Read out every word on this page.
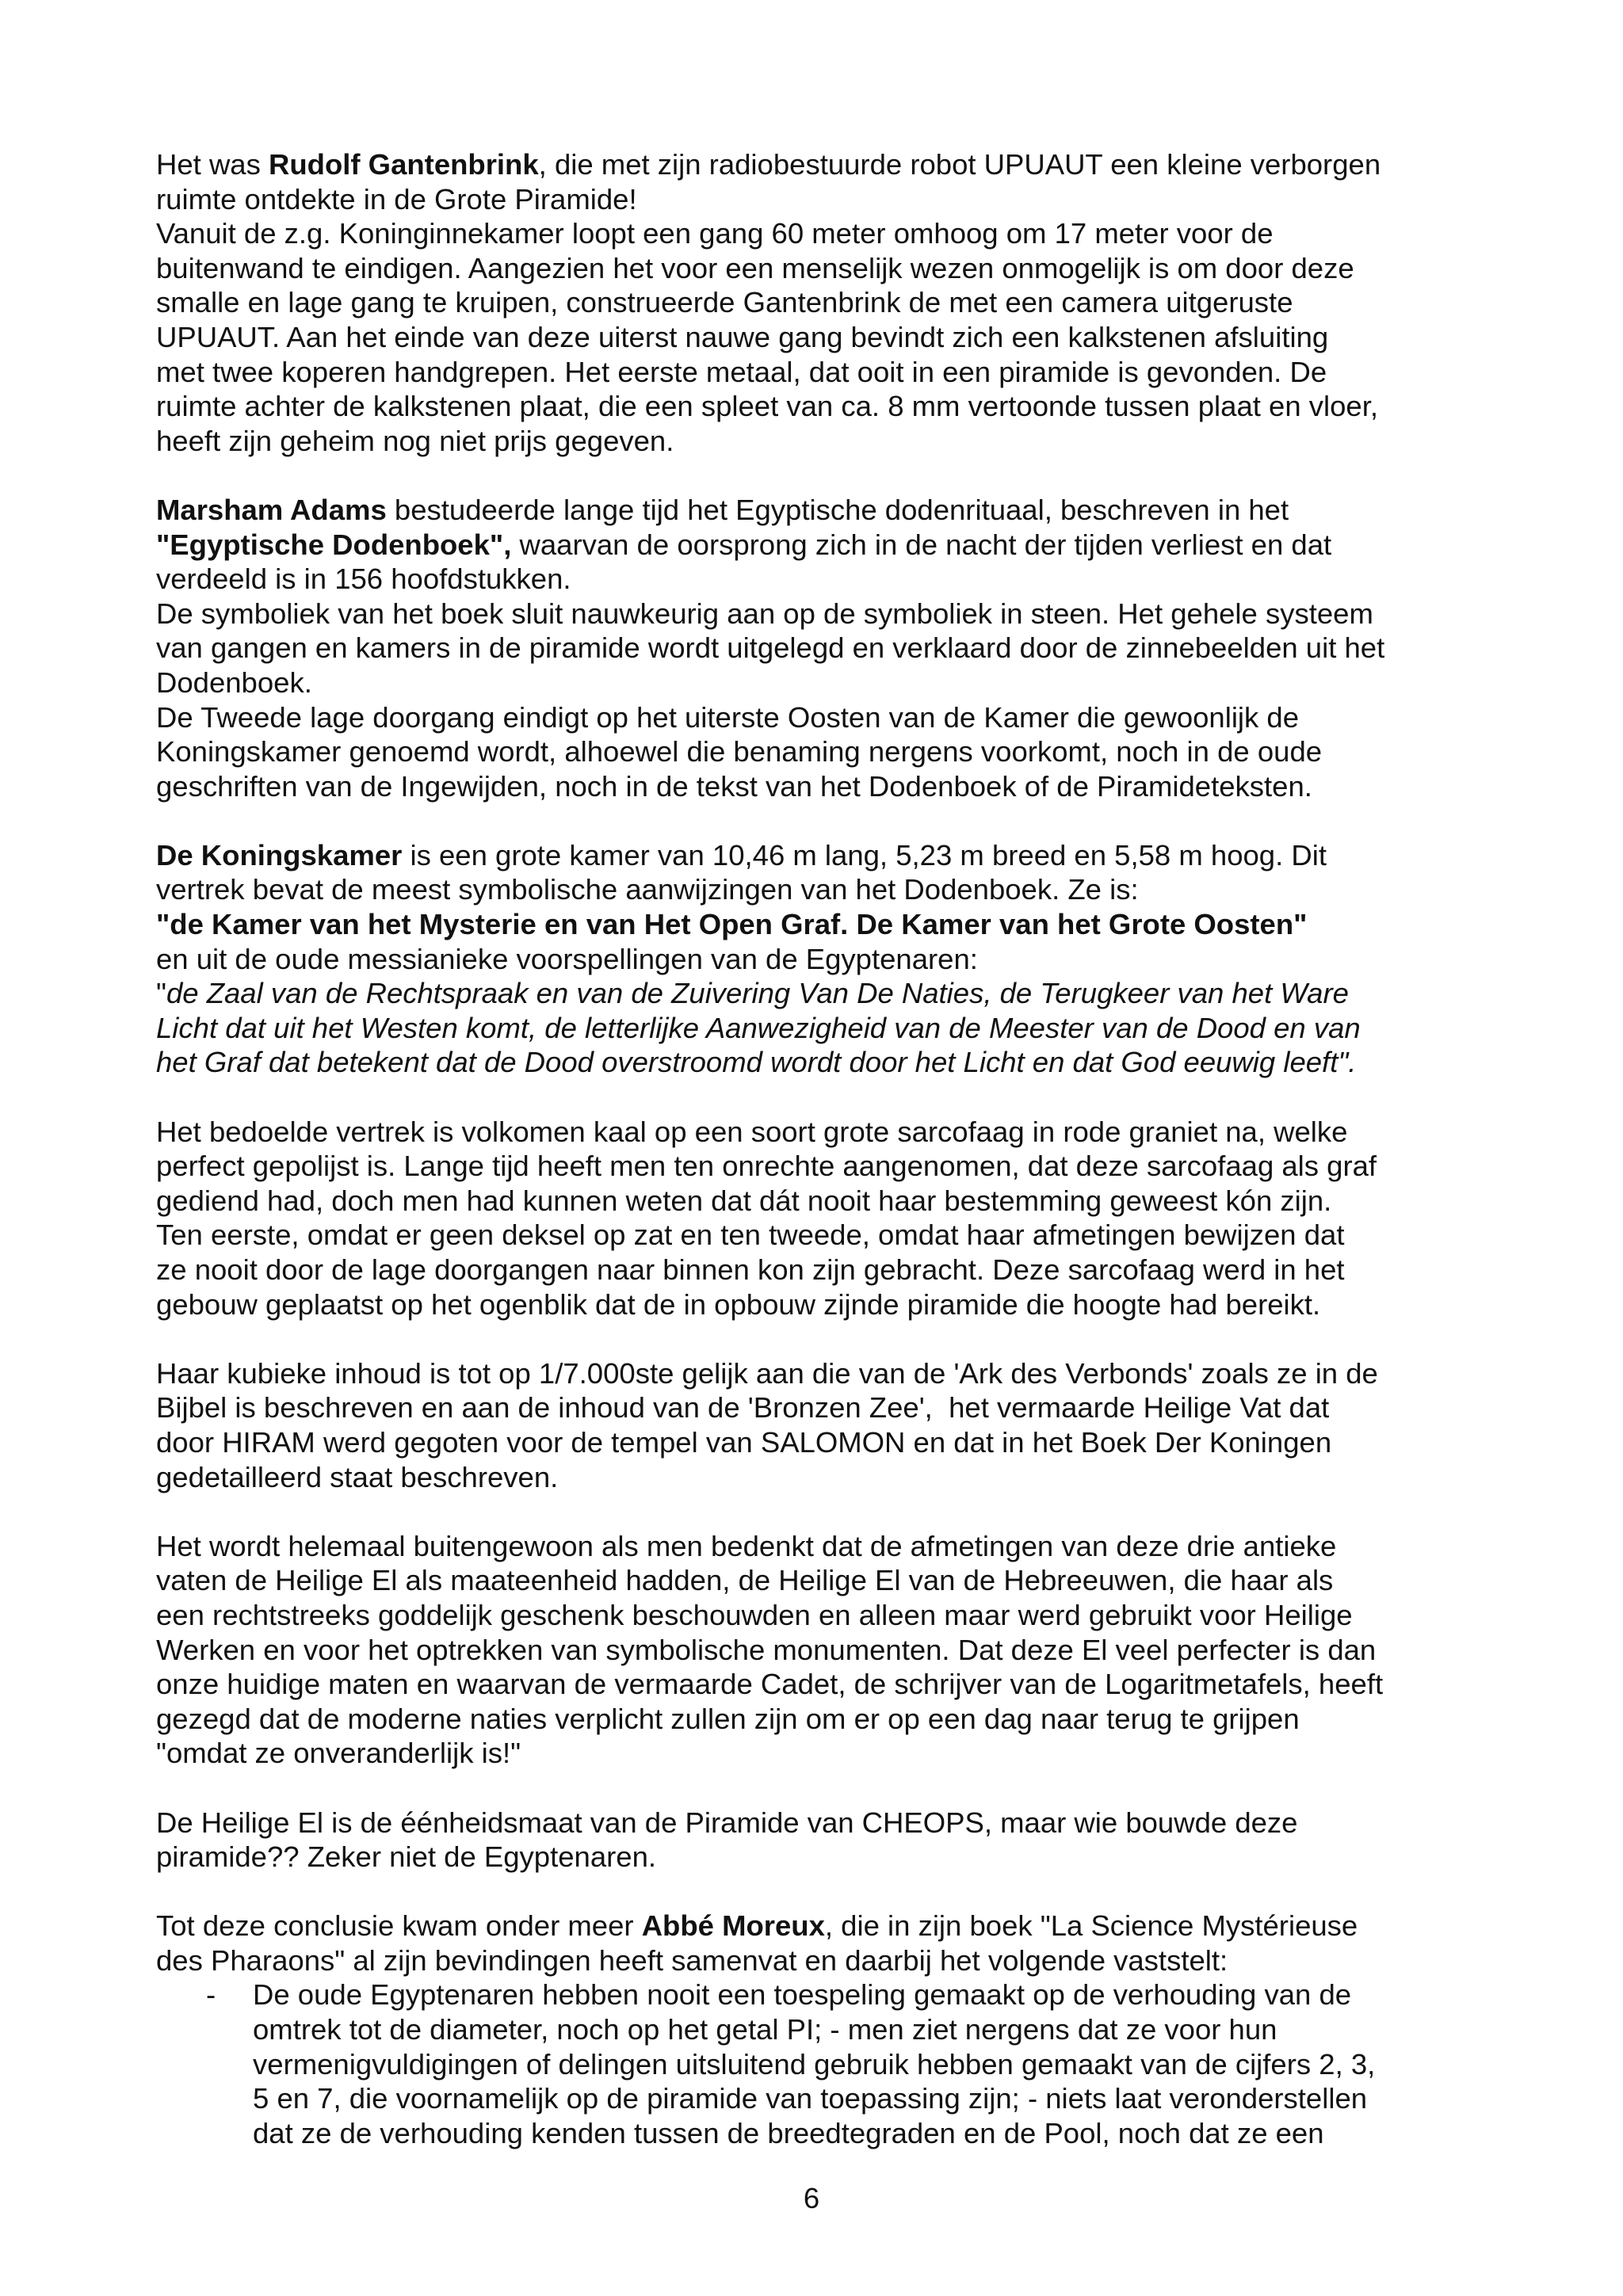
Het was Rudolf Gantenbrink, die met zijn radiobestuurde robot UPUAUT een kleine verborgen
ruimte ontdekte in de Grote Piramide!
Vanuit de z.g. Koninginnekamer loopt een gang 60 meter omhoog om 17 meter voor de
buitenwand te eindigen. Aangezien het voor een menselijk wezen onmogelijk is om door deze
smalle en lage gang te kruipen, construeerde Gantenbrink de met een camera uitgeruste
UPUAUT. Aan het einde van deze uiterst nauwe gang bevindt zich een kalkstenen afsluiting
met twee koperen handgrepen. Het eerste metaal, dat ooit in een piramide is gevonden. De
ruimte achter de kalkstenen plaat, die een spleet van ca. 8 mm vertoonde tussen plaat en vloer,
heeft zijn geheim nog niet prijs gegeven.

Marsham Adams bestudeerde lange tijd het Egyptische dodenrituaal, beschreven in het
"Egyptische Dodenboek", waarvan de oorsprong zich in de nacht der tijden verliest en dat
verdeeld is in 156 hoofdstukken.
De symboliek van het boek sluit nauwkeurig aan op de symboliek in steen. Het gehele systeem
van gangen en kamers in de piramide wordt uitgelegd en verklaard door de zinnebeelden uit het
Dodenboek.
De Tweede lage doorgang eindigt op het uiterste Oosten van de Kamer die gewoonlijk de
Koningskamer genoemd wordt, alhoewel die benaming nergens voorkomt, noch in de oude
geschriften van de Ingewijden, noch in de tekst van het Dodenboek of de Piramideteksten.

De Koningskamer is een grote kamer van 10,46 m lang, 5,23 m breed en 5,58 m hoog. Dit
vertrek bevat de meest symbolische aanwijzingen van het Dodenboek. Ze is:
"de Kamer van het Mysterie en van Het Open Graf. De Kamer van het Grote Oosten"
en uit de oude messianieke voorspellingen van de Egyptenaren:
"de Zaal van de Rechtspraak en van de Zuivering Van De Naties, de Terugkeer van het Ware
Licht dat uit het Westen komt, de letterlijke Aanwezigheid van de Meester van de Dood en van
het Graf dat betekent dat de Dood overstroomd wordt door het Licht en dat God eeuwig leeft".

Het bedoelde vertrek is volkomen kaal op een soort grote sarcofaag in rode graniet na, welke
perfect gepolijst is. Lange tijd heeft men ten onrechte aangenomen, dat deze sarcofaag als graf
gediend had, doch men had kunnen weten dat dát nooit haar bestemming geweest kón zijn.
Ten eerste, omdat er geen deksel op zat en ten tweede, omdat haar afmetingen bewijzen dat
ze nooit door de lage doorgangen naar binnen kon zijn gebracht. Deze sarcofaag werd in het
gebouw geplaatst op het ogenblik dat de in opbouw zijnde piramide die hoogte had bereikt.

Haar kubieke inhoud is tot op 1/7.000ste gelijk aan die van de 'Ark des Verbonds' zoals ze in de
Bijbel is beschreven en aan de inhoud van de 'Bronzen Zee',  het vermaarde Heilige Vat dat
door HIRAM werd gegoten voor de tempel van SALOMON en dat in het Boek Der Koningen
gedetailleerd staat beschreven.

Het wordt helemaal buitengewoon als men bedenkt dat de afmetingen van deze drie antieke
vaten de Heilige El als maateenheid hadden, de Heilige El van de Hebreeuwen, die haar als
een rechtstreeks goddelijk geschenk beschouwden en alleen maar werd gebruikt voor Heilige
Werken en voor het optrekken van symbolische monumenten. Dat deze El veel perfecter is dan
onze huidige maten en waarvan de vermaarde Cadet, de schrijver van de Logaritmetafels, heeft
gezegd dat de moderne naties verplicht zullen zijn om er op een dag naar terug te grijpen
"omdat ze onveranderlijk is!"

De Heilige El is de éénheidsmaat van de Piramide van CHEOPS, maar wie bouwde deze
piramide?? Zeker niet de Egyptenaren.

Tot deze conclusie kwam onder meer Abbé Moreux, die in zijn boek "La Science Mystérieuse
des Pharaons" al zijn bevindingen heeft samenvat en daarbij het volgende vaststelt:

- De oude Egyptenaren hebben nooit een toespeling gemaakt op de verhouding van de
omtrek tot de diameter, noch op het getal PI; - men ziet nergens dat ze voor hun
vermenigvuldigingen of delingen uitsluitend gebruik hebben gemaakt van de cijfers 2, 3,
5 en 7, die voornamelijk op de piramide van toepassing zijn; - niets laat veronderstellen
dat ze de verhouding kenden tussen de breedtegraden en de Pool, noch dat ze een
6
